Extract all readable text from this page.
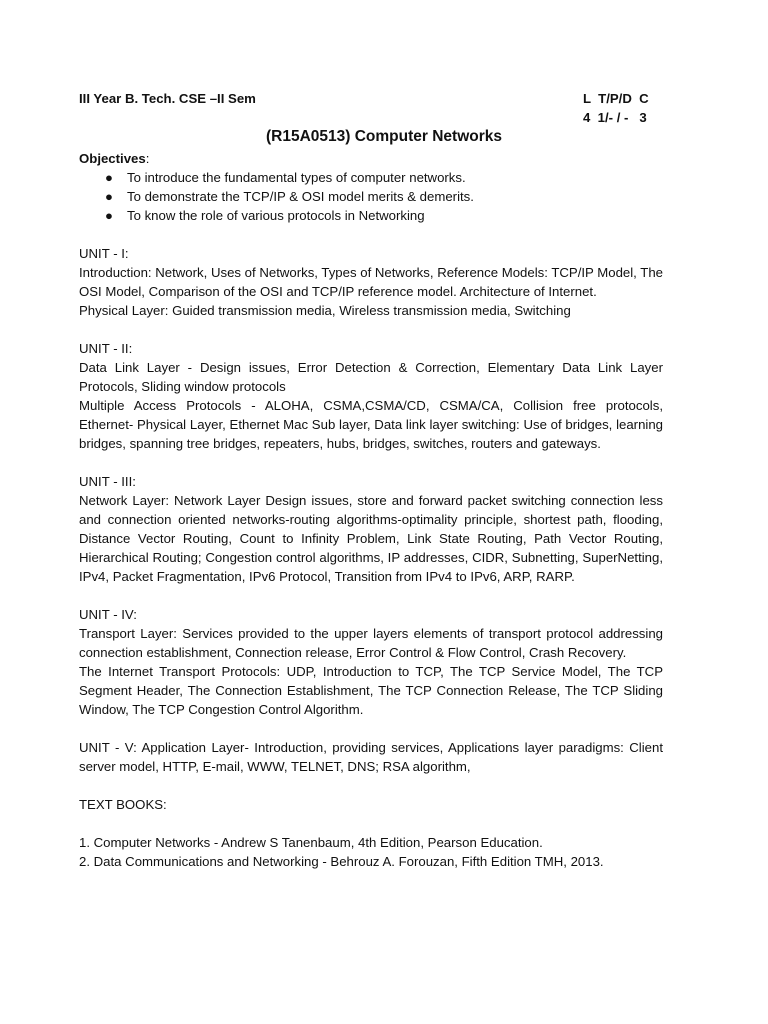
III Year B. Tech. CSE –II Sem	L  T/P/D  C
4  1/- / -   3
(R15A0513) Computer Networks

Objectives:

● To introduce the fundamental types of computer networks.
● To demonstrate the TCP/IP & OSI model merits & demerits.
● To know the role of various protocols in Networking

UNIT - I:

Introduction: Network, Uses of Networks, Types of Networks, Reference Models: TCP/IP Model, The OSI Model, Comparison of the OSI and TCP/IP reference model. Architecture of Internet.

Physical Layer: Guided transmission media, Wireless transmission media, Switching

UNIT - II:

Data Link Layer - Design issues, Error Detection & Correction, Elementary Data Link Layer Protocols, Sliding window protocols

Multiple Access Protocols - ALOHA, CSMA,CSMA/CD, CSMA/CA, Collision free protocols, Ethernet- Physical Layer, Ethernet Mac Sub layer, Data link layer switching: Use of bridges, learning bridges, spanning tree bridges, repeaters, hubs, bridges, switches, routers and gateways.

UNIT - III:

Network Layer: Network Layer Design issues, store and forward packet switching connection less and connection oriented networks-routing algorithms-optimality principle, shortest path, flooding, Distance Vector Routing, Count to Infinity Problem, Link State Routing, Path Vector Routing, Hierarchical Routing; Congestion control algorithms, IP addresses, CIDR, Subnetting, SuperNetting, IPv4, Packet Fragmentation, IPv6 Protocol, Transition from IPv4 to IPv6, ARP, RARP.

UNIT - IV:

Transport Layer: Services provided to the upper layers elements of transport protocol addressing connection establishment, Connection release, Error Control & Flow Control, Crash Recovery.

The Internet Transport Protocols: UDP, Introduction to TCP, The TCP Service Model, The TCP Segment Header, The Connection Establishment, The TCP Connection Release, The TCP Sliding Window, The TCP Congestion Control Algorithm.

UNIT - V: Application Layer- Introduction, providing services, Applications layer paradigms: Client server model, HTTP, E-mail, WWW, TELNET, DNS; RSA algorithm,

TEXT BOOKS:

1. Computer Networks - Andrew S Tanenbaum, 4th Edition, Pearson Education.

2. Data Communications and Networking - Behrouz A. Forouzan, Fifth Edition TMH, 2013.
